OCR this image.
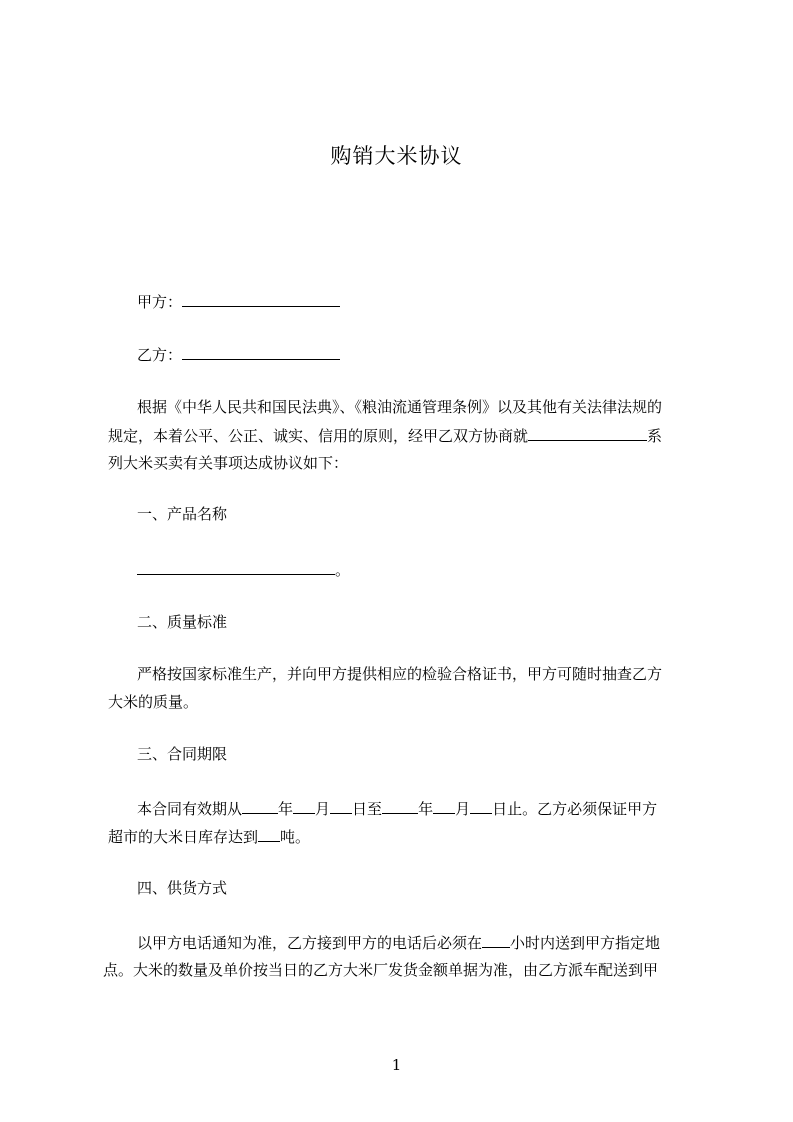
购销大米协议
甲方：
乙方：
根据《中华人民共和国民法典》、《粮油流通管理条例》以及其他有关法律法规的
规定，本着公平、公正、诚实、信用的原则，经甲乙双方协商就	系
列大米买卖有关事项达成协议如下：
一、产品名称
。
二、质量标准
严格按国家标准生产，并向甲方提供相应的检验合格证书，甲方可随时抽查乙方
大米的质量。
三、合同期限
本合同有效期从 年 月 日至 年 月 日止。乙方必须保证甲方
超市的大米日库存达到 吨。
四、供货方式
以甲方电话通知为准，乙方接到甲方的电话后必须在 小时内送到甲方指定地
点。大米的数量及单价按当日的乙方大米厂发货金额单据为准，由乙方派车配送到甲
1
